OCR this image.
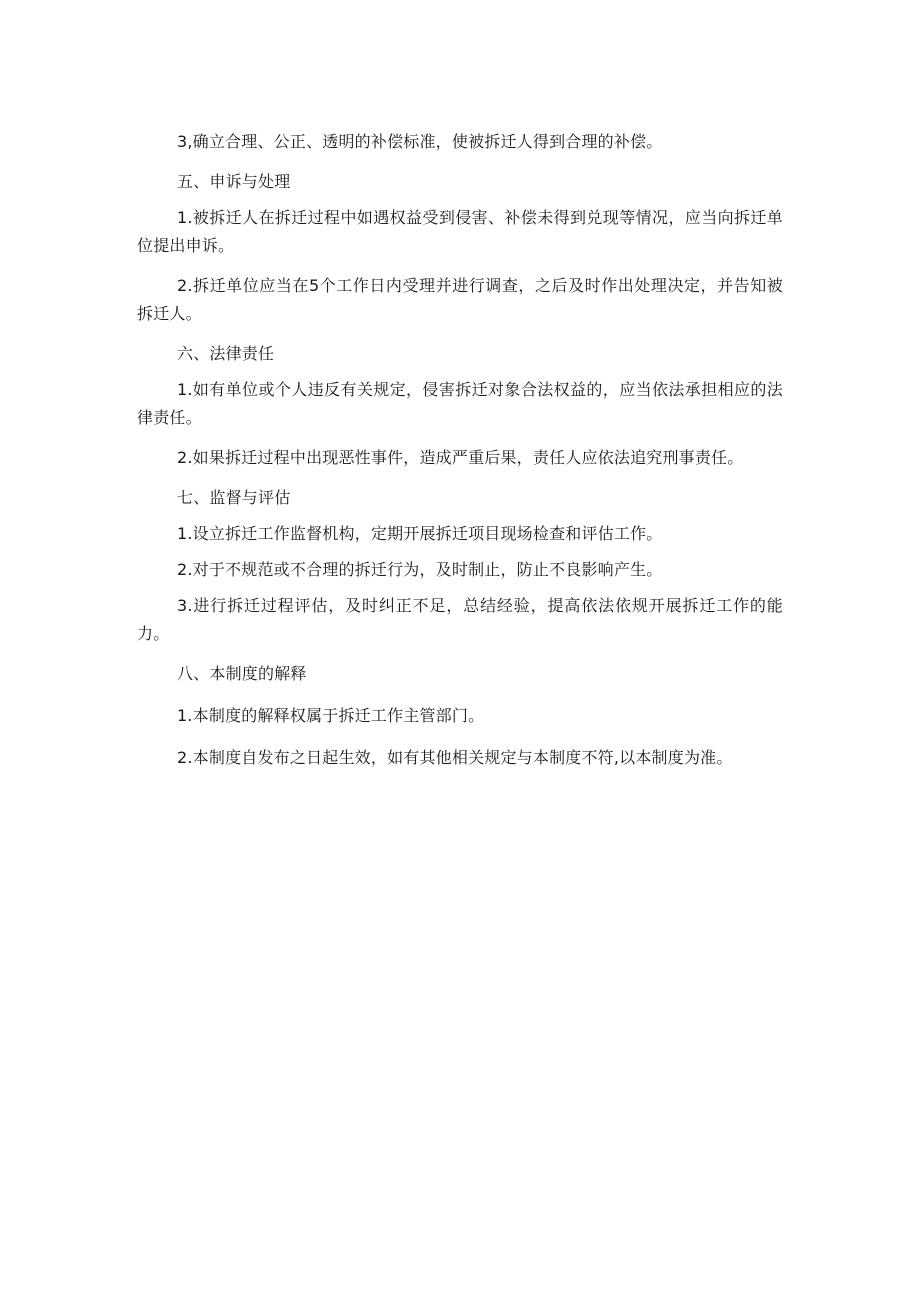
3,确立合理、公正、透明的补偿标准，使被拆迁人得到合理的补偿。

五、申诉与处理

1.被拆迁人在拆迁过程中如遇权益受到侵害、补偿未得到兑现等情况，应当向拆迁单位提出申诉。

2.拆迁单位应当在5个工作日内受理并进行调查，之后及时作出处理决定，并告知被拆迁人。

六、法律责任

1.如有单位或个人违反有关规定，侵害拆迁对象合法权益的，应当依法承担相应的法律责任。

2.如果拆迁过程中出现恶性事件，造成严重后果，责任人应依法追究刑事责任。

七、监督与评估

1.设立拆迁工作监督机构，定期开展拆迁项目现场检查和评估工作。

2.对于不规范或不合理的拆迁行为，及时制止，防止不良影响产生。

3.进行拆迁过程评估，及时纠正不足，总结经验，提高依法依规开展拆迁工作的能力。

八、本制度的解释

1.本制度的解释权属于拆迁工作主管部门。

2.本制度自发布之日起生效，如有其他相关规定与本制度不符,以本制度为准。
